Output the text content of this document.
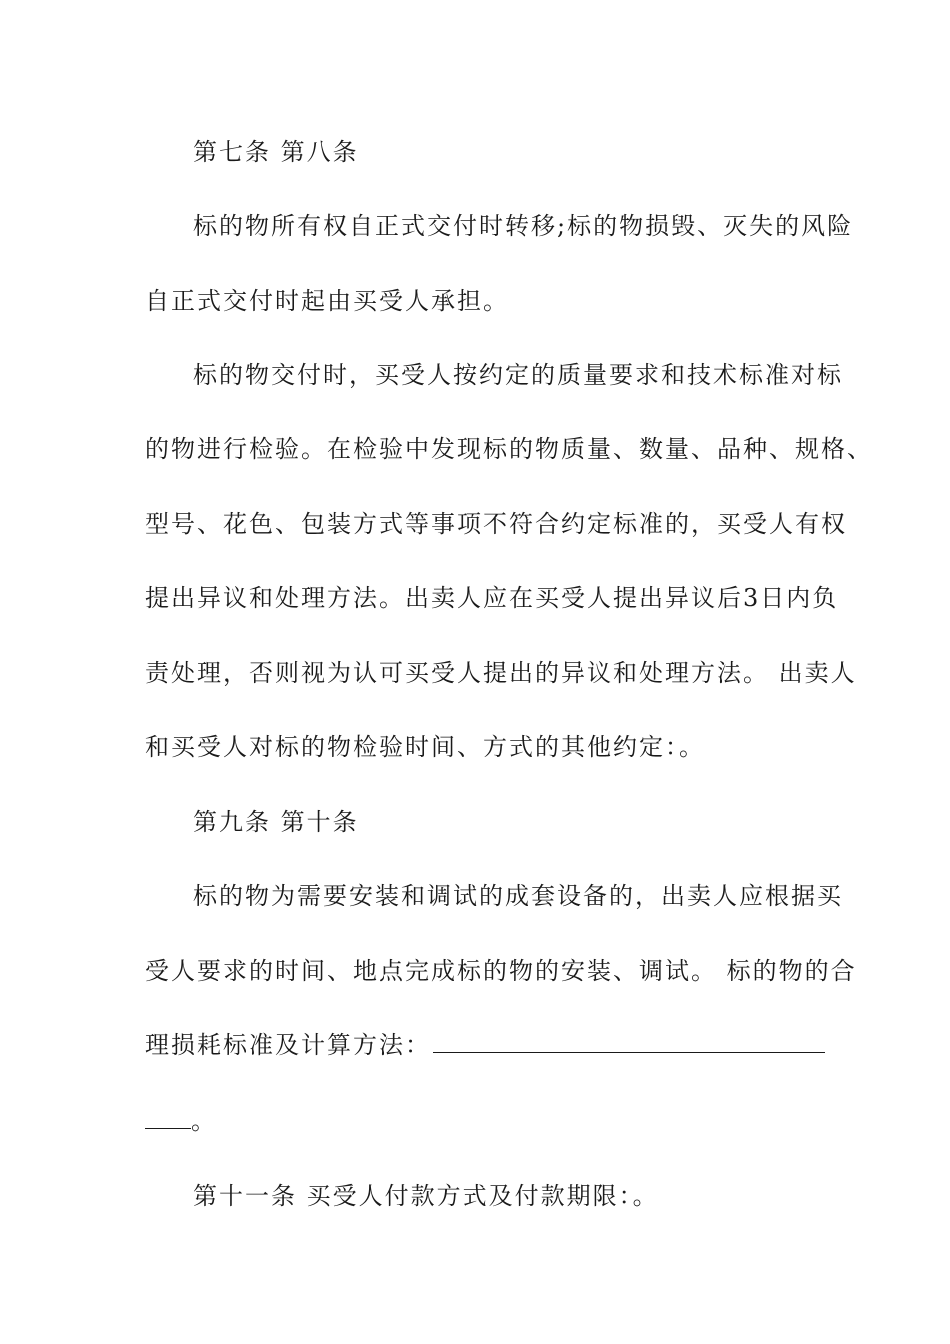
第七条 第八条
标的物所有权自正式交付时转移;标的物损毁、灭失的风险
自正式交付时起由买受人承担。
标的物交付时，买受人按约定的质量要求和技术标准对标
的物进行检验。在检验中发现标的物质量、数量、品种、规格、
型号、花色、包装方式等事项不符合约定标准的，买受人有权
提出异议和处理方法。出卖人应在买受人提出异议后3日内负
责处理，否则视为认可买受人提出的异议和处理方法。 出卖人
和买受人对标的物检验时间、方式的其他约定：。
第九条 第十条
标的物为需要安装和调试的成套设备的，出卖人应根据买
受人要求的时间、地点完成标的物的安装、调试。 标的物的合
理损耗标准及计算方法：
。
第十一条 买受人付款方式及付款期限：。
